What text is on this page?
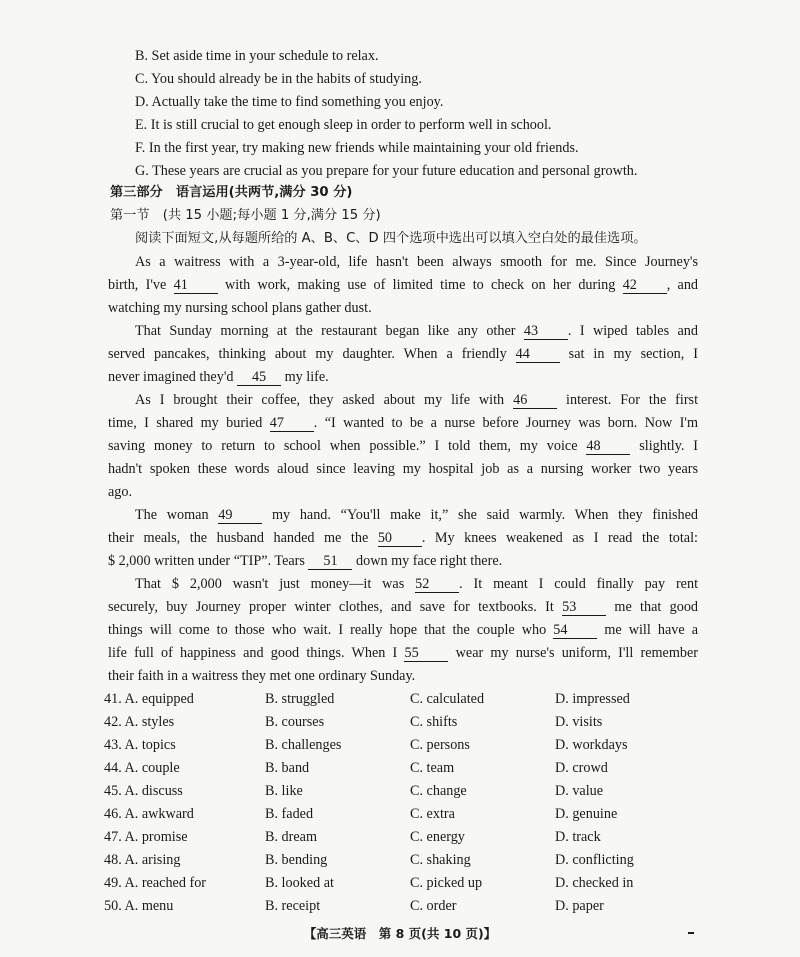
B. Set aside time in your schedule to relax.
C. You should already be in the habits of studying.
D. Actually take the time to find something you enjoy.
E. It is still crucial to get enough sleep in order to perform well in school.
F. In the first year, try making new friends while maintaining your old friends.
G. These years are crucial as you prepare for your future education and personal growth.
第三部分　语言运用(共两节,满分 30 分)
第一节　(共 15 小题;每小题 1 分,满分 15 分)
阅读下面短文,从每题所给的 A、B、C、D 四个选项中选出可以填入空白处的最佳选项。
As a waitress with a 3-year-old, life hasn't been always smooth for me. Since Journey's
birth, I've 41	with work, making use of limited time to check on her during 42 , and
watching my nursing school plans gather dust.
That Sunday morning at the restaurant began like any other 43 . I wiped tables and
served pancakes, thinking about my daughter. When a friendly 44	sat in my section, I
never imagined they'd 45 my life.
As I brought their coffee, they asked about my life with 46	interest. For the first
time, I shared my buried 47 . “I wanted to be a nurse before Journey was born. Now I'm
saving money to return to school when possible.” I told them, my voice 48	slightly. I
hadn't spoken these words aloud since leaving my hospital job as a nursing worker two years
ago.
The woman 49	my hand. “You'll make it,” she said warmly. When they finished
their meals, the husband handed me the 50 . My knees weakened as I read the total:
$ 2,000 written under “TIP”. Tears 51 down my face right there.
That $ 2,000 wasn't just money—it was 52 . It meant I could finally pay rent
securely, buy Journey proper winter clothes, and save for textbooks. It 53	me that good
things will come to those who wait. I really hope that the couple who 54	me will have a
life full of happiness and good things. When I 55	wear my nurse's uniform, I'll remember
their faith in a waitress they met one ordinary Sunday.
41. A. equipped	B. struggled	C. calculated	D. impressed
42. A. styles	B. courses	C. shifts	D. visits
43. A. topics	B. challenges	C. persons	D. workdays
44. A. couple	B. band	C. team	D. crowd
45. A. discuss	B. like	C. change	D. value
46. A. awkward	B. faded	C. extra	D. genuine
47. A. promise	B. dream	C. energy	D. track
48. A. arising	B. bending	C. shaking	D. conflicting
49. A. reached for	B. looked at	C. picked up	D. checked in
50. A. menu	B. receipt	C. order	D. paper
【高三英语　第 8 页(共 10 页)】
